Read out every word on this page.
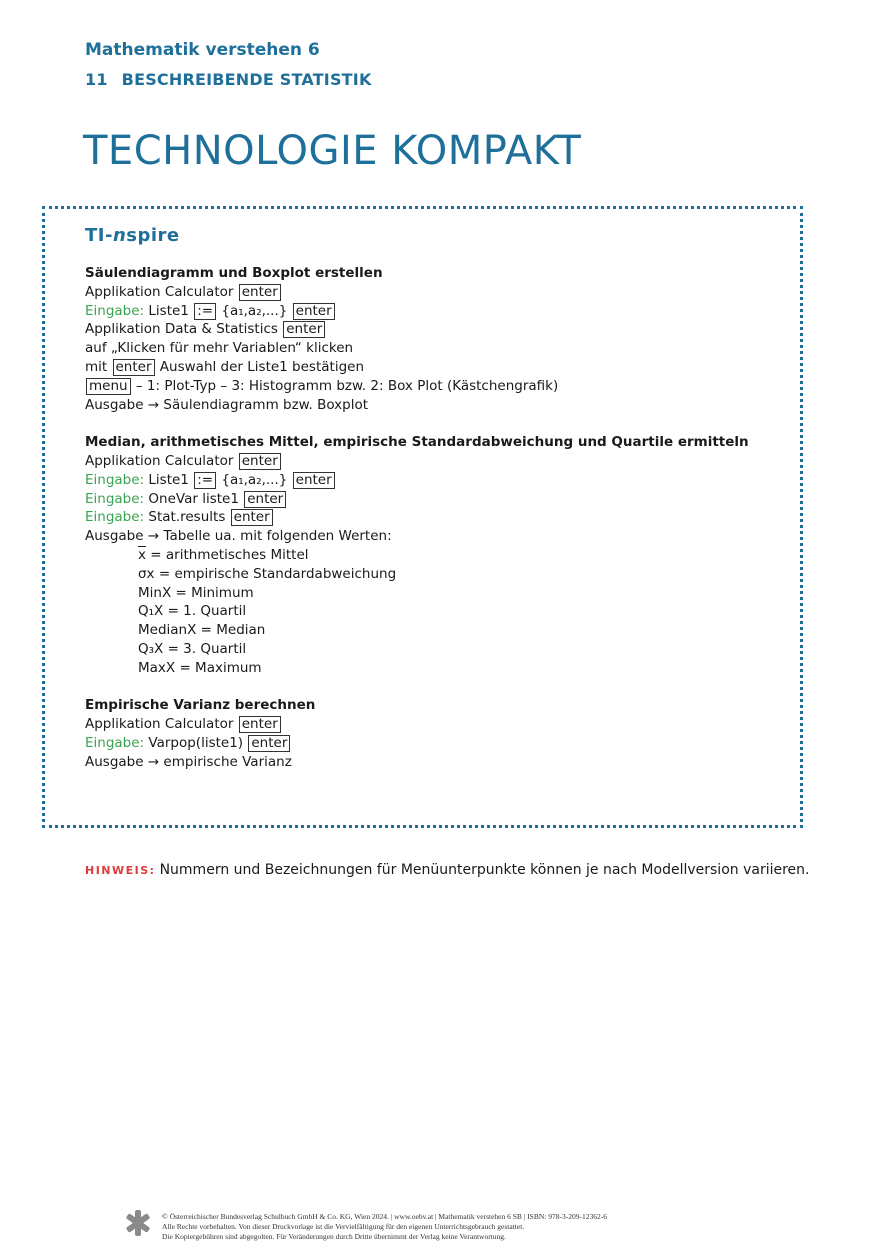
Mathematik verstehen 6
11 BESCHREIBENDE STATISTIK
TECHNOLOGIE KOMPAKT
TI-nspire
Säulendiagramm und Boxplot erstellen
Applikation Calculator enter
Eingabe: Liste1 := {a₁,a₂,...} enter
Applikation Data & Statistics enter
auf „Klicken für mehr Variablen“ klicken
mit enter Auswahl der Liste1 bestätigen
menu – 1: Plot-Typ – 3: Histogramm bzw. 2: Box Plot (Kästchengrafik)
Ausgabe → Säulendiagramm bzw. Boxplot
Median, arithmetisches Mittel, empirische Standardabweichung und Quartile ermitteln
Applikation Calculator enter
Eingabe: Liste1 := {a₁,a₂,...} enter
Eingabe: OneVar liste1 enter
Eingabe: Stat.results enter
Ausgabe → Tabelle ua. mit folgenden Werten:
$\overline{x}$ = arithmetisches Mittel
σx = empirische Standardabweichung
MinX = Minimum
Q₁X = 1. Quartil
MedianX = Median
Q₃X = 3. Quartil
MaxX = Maximum
Empirische Varianz berechnen
Applikation Calculator enter
Eingabe: Varpop(liste1) enter
Ausgabe → empirische Varianz
HINWEIS: Nummern und Bezeichnungen für Menüunterpunkte können je nach Modellversion variieren.
© Österreichischer Bundesverlag Schulbuch GmbH & Co. KG, Wien 2024. | www.oebv.at | Mathematik verstehen 6 SB | ISBN: 978-3-209-12362-6
Alle Rechte vorbehalten. Von dieser Druckvorlage ist die Vervielfältigung für den eigenen Unterrichtsgebrauch gestattet.
Die Kopiergebühren sind abgegolten. Für Veränderungen durch Dritte übernimmt der Verlag keine Verantwortung.
